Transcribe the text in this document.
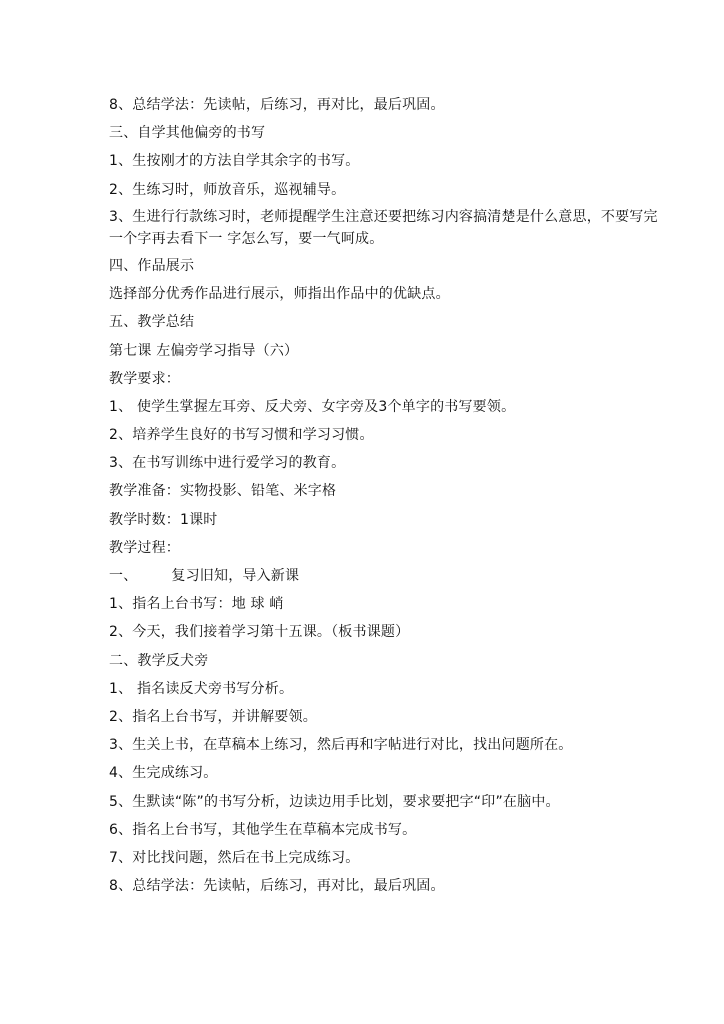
8、总结学法：先读帖，后练习，再对比，最后巩固。
三、自学其他偏旁的书写
1、生按刚才的方法自学其余字的书写。
2、生练习时，师放音乐，巡视辅导。
3、生进行行款练习时，老师提醒学生注意还要把练习内容搞清楚是什么意思，不要写完一个字再去看下一 字怎么写，要一气呵成。
四、作品展示
选择部分优秀作品进行展示，师指出作品中的优缺点。
五、教学总结
第七课 左偏旁学习指导（六）
教学要求：
1、 使学生掌握左耳旁、反犬旁、女字旁及3个单字的书写要领。
2、培养学生良好的书写习惯和学习习惯。
3、在书写训练中进行爱学习的教育。
教学准备：实物投影、铅笔、米字格
教学时数：1课时
教学过程：
一、 复习旧知，导入新课
1、指名上台书写：地 球 峭
2、今天，我们接着学习第十五课。（板书课题）
二、教学反犬旁
1、 指名读反犬旁书写分析。
2、指名上台书写，并讲解要领。
3、生关上书，在草稿本上练习，然后再和字帖进行对比，找出问题所在。
4、生完成练习。
5、生默读“陈”的书写分析，边读边用手比划，要求要把字“印”在脑中。
6、指名上台书写，其他学生在草稿本完成书写。
7、对比找问题，然后在书上完成练习。
8、总结学法：先读帖，后练习，再对比，最后巩固。
